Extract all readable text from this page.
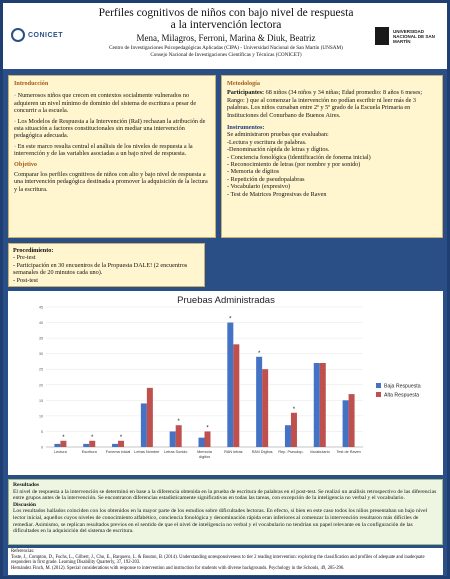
CONICET
Perfiles cognitivos de niños con bajo nivel de respuesta
a la intervención lectora
Mena, Milagros, Ferroni, Marina & Diuk, Beatriz
Centro de Investigaciones Psicopedagógicas Aplicadas (CIPA) - Universidad Nacional de San Martín (UNSAM)
Consejo Nacional de Investigaciones Científicas y Técnicas (CONICET)
UNIVERSIDAD NACIONAL DE SAN MARTÍN
Introducción

· Numerosos niños que crecen en contextos socialmente vulnerados no adquieren un nivel mínimo de dominio del sistema de escritura a pesar de concurrir a la escuela.

· Los Modelos de Respuesta a la Intervención (RaI) rechazan la atribución de esta situación a factores constitucionales sin mediar una intervención pedagógica adecuada.

· En este marco resulta central el análisis de los niveles de respuesta a la intervención y de las variables asociadas a un bajo nivel de respuesta.

Objetivo
Comparar los perfiles cognitivos de niños con alto y bajo nivel de respuesta a una intervención pedagógica destinada a promover la adquisición de la lectura y la escritura.
Metodología
Participantes: 68 niños (34 niños y 34 niñas; Edad promedio: 8 años 6 meses; Rango: ) que al comenzar la intervención no podían escribir ni leer más de 3 palabras. Los niños cursaban entre 2º y 5º grado de la Escuela Primaria en Instituciones del Conurbano de Buenos Aires.
Instrumentos:
Se administraron pruebas que evaluaban:
-Lectura y escritura de palabras.
-Denominación rápida de letras y dígitos.
- Conciencia fonológica (identificación de fonema inicial)
- Reconocimiento de letras (por nombre y por sonido)
- Memoria de dígitos
- Repetición de pseudopalabras
- Vocabulario (expresivo)
- Test de Matrices Progresivas de Raven
Procedimiento:
- Pre-test
- Participación en 30 encuentros de la Propuesta DALE! (2 encuentros semanales de 20 minutos cada uno).
- Post-test
Pruebas Administradas
0
5
10
15
20
25
30
35
40
45
*
Lectura
*
Escritura
*
Fonema inicial Letras Nombre
*
Letras Sonido
*
Memoria
dígitos
*
RAN letras
*
RAN Dígitos
*
Rep. Pseudop. Vocabulario Test de Raven
Baja Respuesta
Alta Respuesta
Resultados
El nivel de respuesta a la intervención se determinó en base a la diferencia obtenida en la prueba de escritura de palabras en el post-test. Se realizó un análisis retrospectivo de las diferencias entre grupos antes de la intervención. Se encontraron diferencias estadísticamente significativas en todas las tareas, con excepción de la inteligencia no verbal y el vocabulario.
Discusión
Los resultados hallados coinciden con los obtenidos en la mayor parte de los estudios sobre dificultades lectoras. En efecto, si bien en este caso todos los niños presentaban un bajo nivel lector inicial, aquellos cuyos niveles de conocimiento alfabético, conciencia fonológica y denominación rápida eran inferiores al comenzar la intervención resultaron más difíciles de remediar. Asimismo, se replican resultados previos en el sentido de que el nivel de inteligencia no verbal y el vocabulario no tendrían un papel relevante en la configuración de las dificultades en la adquisición del sistema de escritura.
Referencias:
Toste, J., Compton, D., Fuchs, L., Gilbert, J., Cho, E., Barquero, L. & Bouton, B. (2014). Understanding unresponsiveness to tier 2 reading intervention: exploring the classification and profiles of adequate and inadequate responders in first grade. Learning Disability Quarterly, 37, 192-203.
Hernández Finch, M. (2012). Special considerations with response to intervention and instruction for students with diverse backgrounds. Psychology in the Schools, 49, 285-296.
